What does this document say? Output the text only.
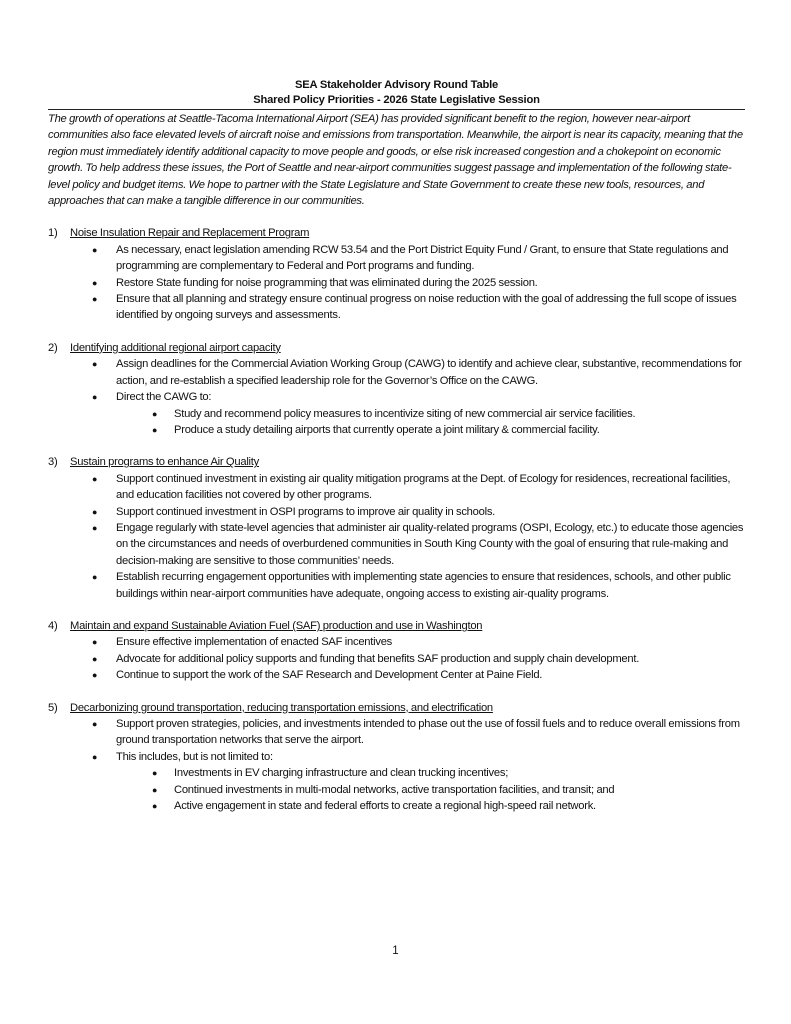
SEA Stakeholder Advisory Round Table
Shared Policy Priorities - 2026 State Legislative Session
The growth of operations at Seattle-Tacoma International Airport (SEA) has provided significant benefit to the region, however near-airport communities also face elevated levels of aircraft noise and emissions from transportation. Meanwhile, the airport is near its capacity, meaning that the region must immediately identify additional capacity to move people and goods, or else risk increased congestion and a chokepoint on economic growth. To help address these issues, the Port of Seattle and near-airport communities suggest passage and implementation of the following state-level policy and budget items. We hope to partner with the State Legislature and State Government to create these new tools, resources, and approaches that can make a tangible difference in our communities.
1)	Noise Insulation Repair and Replacement Program
● As necessary, enact legislation amending RCW 53.54 and the Port District Equity Fund / Grant, to ensure that State regulations and programming are complementary to Federal and Port programs and funding.
● Restore State funding for noise programming that was eliminated during the 2025 session.
● Ensure that all planning and strategy ensure continual progress on noise reduction with the goal of addressing the full scope of issues identified by ongoing surveys and assessments.
2)	Identifying additional regional airport capacity
● Assign deadlines for the Commercial Aviation Working Group (CAWG) to identify and achieve clear, substantive, recommendations for action, and re-establish a specified leadership role for the Governor’s Office on the CAWG.
● Direct the CAWG to:
● Study and recommend policy measures to incentivize siting of new commercial air service facilities.
● Produce a study detailing airports that currently operate a joint military & commercial facility.
3)	Sustain programs to enhance Air Quality
● Support continued investment in existing air quality mitigation programs at the Dept. of Ecology for residences, recreational facilities, and education facilities not covered by other programs.
● Support continued investment in OSPI programs to improve air quality in schools.
● Engage regularly with state-level agencies that administer air quality-related programs (OSPI, Ecology, etc.) to educate those agencies on the circumstances and needs of overburdened communities in South King County with the goal of ensuring that rule-making and decision-making are sensitive to those communities’ needs.
● Establish recurring engagement opportunities with implementing state agencies to ensure that residences, schools, and other public buildings within near-airport communities have adequate, ongoing access to existing air-quality programs.
4)	Maintain and expand Sustainable Aviation Fuel (SAF) production and use in Washington
● Ensure effective implementation of enacted SAF incentives
● Advocate for additional policy supports and funding that benefits SAF production and supply chain development.
● Continue to support the work of the SAF Research and Development Center at Paine Field.
5)	Decarbonizing ground transportation, reducing transportation emissions, and electrification
● Support proven strategies, policies, and investments intended to phase out the use of fossil fuels and to reduce overall emissions from ground transportation networks that serve the airport.
● This includes, but is not limited to:
● Investments in EV charging infrastructure and clean trucking incentives;
● Continued investments in multi-modal networks, active transportation facilities, and transit; and
● Active engagement in state and federal efforts to create a regional high-speed rail network.
1
